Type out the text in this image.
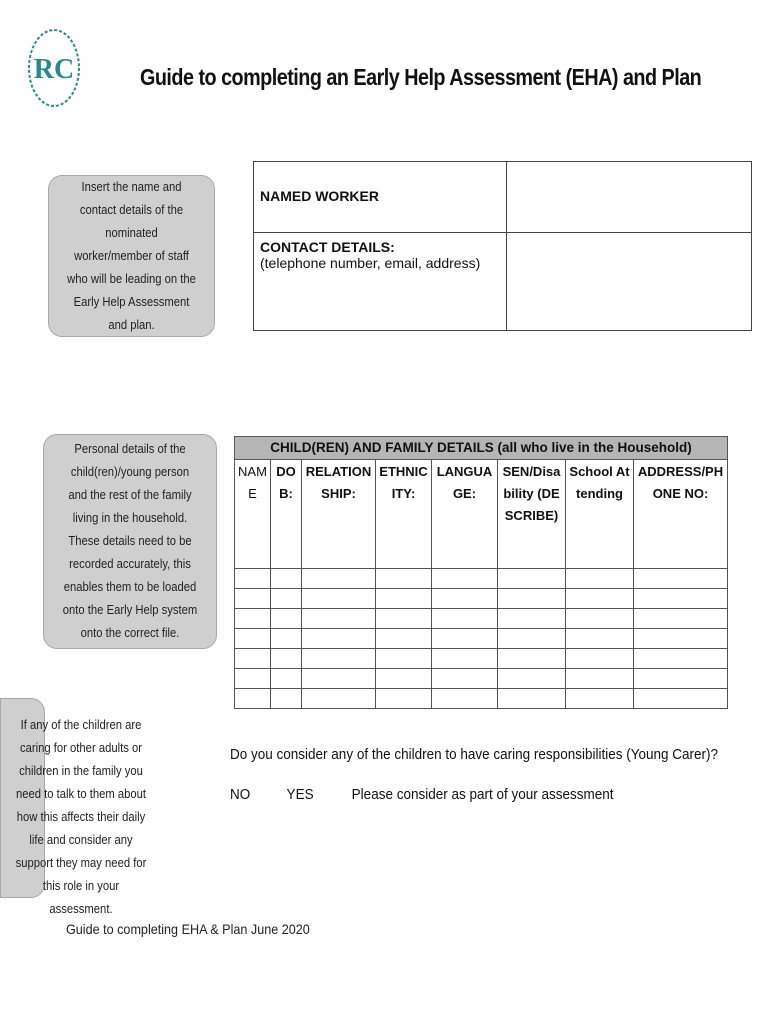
RC	Guide to completing an Early Help Assessment (EHA) and Plan
Insert the name and contact details of the nominated worker/member of staff who will be leading on the Early Help Assessment and plan.
NAMED WORKER	

CONTACT DETAILS:
(telephone number, email, address)	

Personal details of the child(ren)/young person and the rest of the family living in the household. These details need to be recorded accurately, this enables them to be loaded onto the Early Help system onto the correct file.
CHILD(REN) AND FAMILY DETAILS (all who live in the Household)							
NAME	DOB:	RELATIONSHIP:	ETHNICITY:	LANGUAGE:	SEN/Disability (DESCRIBE)	School Attending	ADDRESS/PHONE NO:

If any of the children are caring for other adults or children in the family you need to talk to them about how this affects their daily life and consider any support they may need for this role in your assessment.
Do you consider any of the children to have caring responsibilities (Young Carer)?
NO YES	Please consider as part of your assessment
Guide to completing EHA & Plan June 2020
